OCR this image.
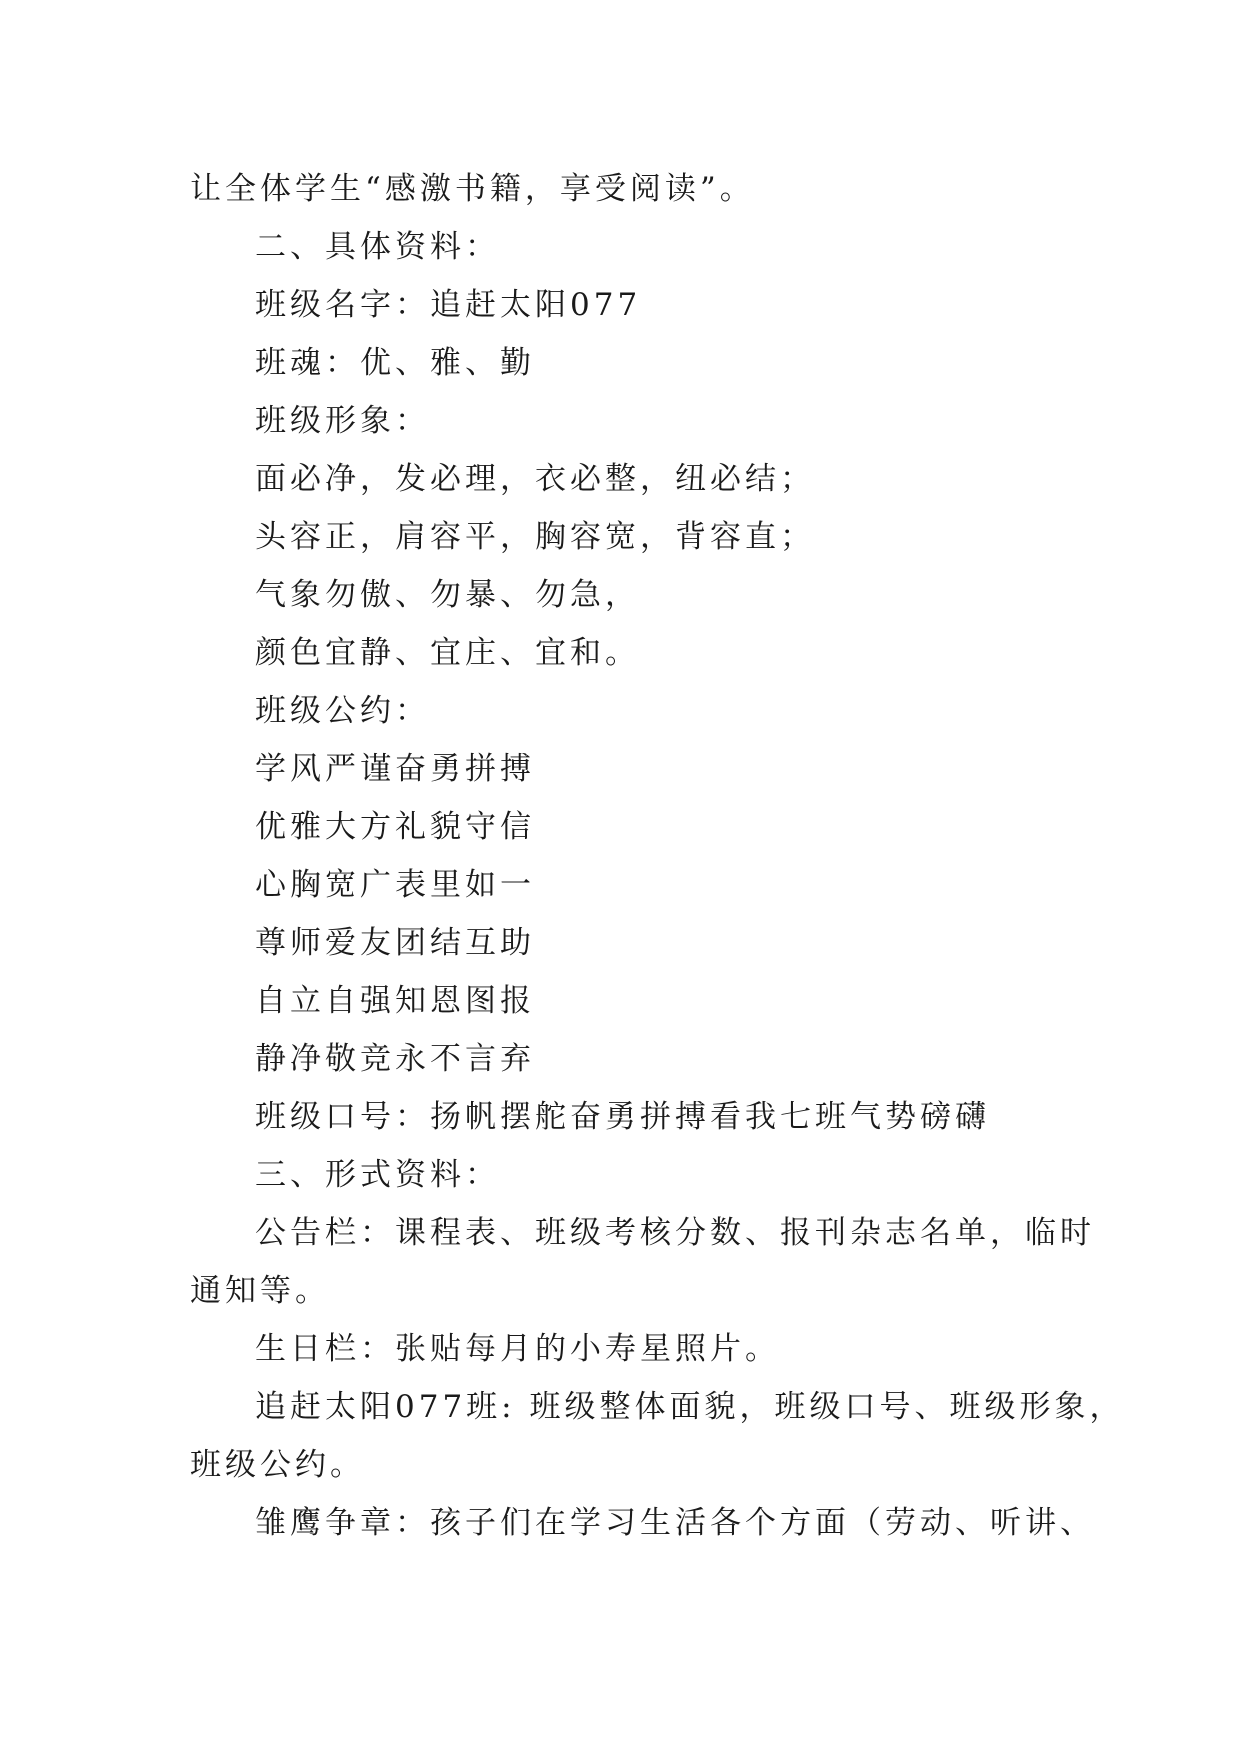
让全体学生“感激书籍，享受阅读”。

二、具体资料：

班级名字：追赶太阳077

班魂：优、雅、勤

班级形象：

面必净，发必理，衣必整，纽必结；

头容正，肩容平，胸容宽，背容直；

气象勿傲、勿暴、勿急，

颜色宜静、宜庄、宜和。

班级公约：

学风严谨奋勇拼搏

优雅大方礼貌守信

心胸宽广表里如一

尊师爱友团结互助

自立自强知恩图报

静净敬竞永不言弃

班级口号：扬帆摆舵奋勇拼搏看我七班气势磅礴

三、形式资料：

公告栏：课程表、班级考核分数、报刊杂志名单，临时

通知等。

生日栏：张贴每月的小寿星照片。

追赶太阳077班: 班级整体面貌，班级口号、班级形象，

班级公约。

雏鹰争章：孩子们在学习生活各个方面（劳动、听讲、
